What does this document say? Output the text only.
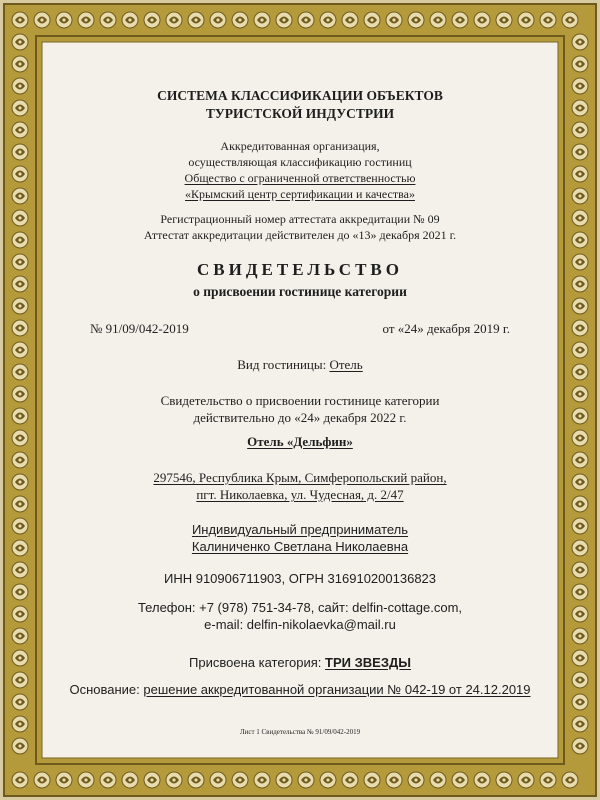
СИСТЕМА КЛАССИФИКАЦИИ ОБЪЕКТОВ
ТУРИСТСКОЙ ИНДУСТРИИ
Аккредитованная организация,
осуществляющая классификацию гостиниц
Общество с ограниченной ответственностью
«Крымский центр сертификации и качества»
Регистрационный номер аттестата аккредитации № 09
Аттестат аккредитации действителен до «13» декабря 2021 г.
СВИДЕТЕЛЬСТВО
о присвоении гостинице категории
№ 91/09/042-2019	от «24» декабря 2019 г.
Вид гостиницы: Отель
Свидетельство о присвоении гостинице категории
действительно до «24» декабря 2022 г.
Отель «Дельфин»
297546, Республика Крым, Симферопольский район,
пгт. Николаевка, ул. Чудесная, д. 2/47
Индивидуальный предприниматель
Калиниченко Светлана Николаевна
ИНН 910906711903, ОГРН 316910200136823
Телефон: +7 (978) 751-34-78, сайт: delfin-cottage.com,
e-mail: delfin-nikolaevka@mail.ru
Присвоена категория: ТРИ ЗВЕЗДЫ
Основание: решение аккредитованной организации № 042-19 от 24.12.2019
Лист 1 Свидетельства № 91/09/042-2019
